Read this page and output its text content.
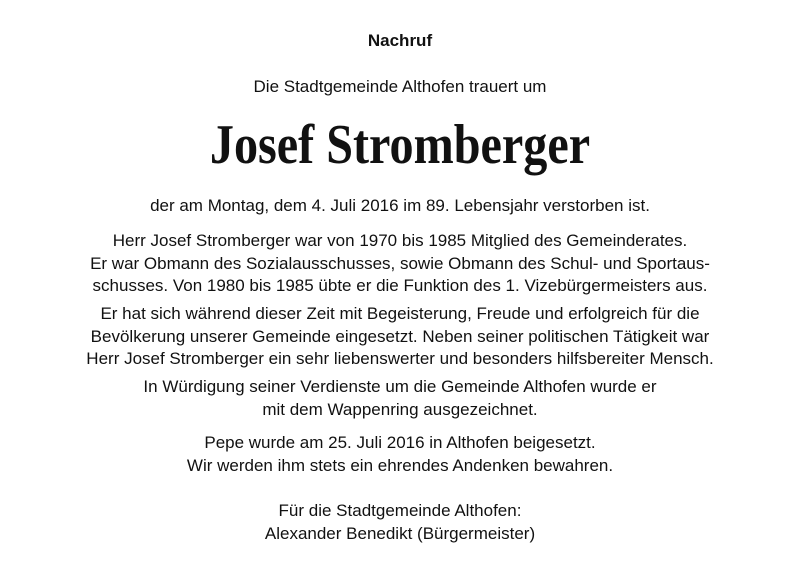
Nachruf
Die Stadtgemeinde Althofen trauert um
Josef Stromberger
der am Montag, dem 4. Juli 2016 im 89. Lebensjahr verstorben ist.
Herr Josef Stromberger war von 1970 bis 1985 Mitglied des Gemeinderates.
Er war Obmann des Sozialausschusses, sowie Obmann des Schul- und Sportaus-
schusses. Von 1980 bis 1985 übte er die Funktion des 1. Vizebürgermeisters aus.
Er hat sich während dieser Zeit mit Begeisterung, Freude und erfolgreich für die
Bevölkerung unserer Gemeinde eingesetzt. Neben seiner politischen Tätigkeit war
Herr Josef Stromberger ein sehr liebenswerter und besonders hilfsbereiter Mensch.
In Würdigung seiner Verdienste um die Gemeinde Althofen wurde er
mit dem Wappenring ausgezeichnet.
Pepe wurde am 25. Juli 2016 in Althofen beigesetzt.
Wir werden ihm stets ein ehrendes Andenken bewahren.
Für die Stadtgemeinde Althofen:
Alexander Benedikt (Bürgermeister)
